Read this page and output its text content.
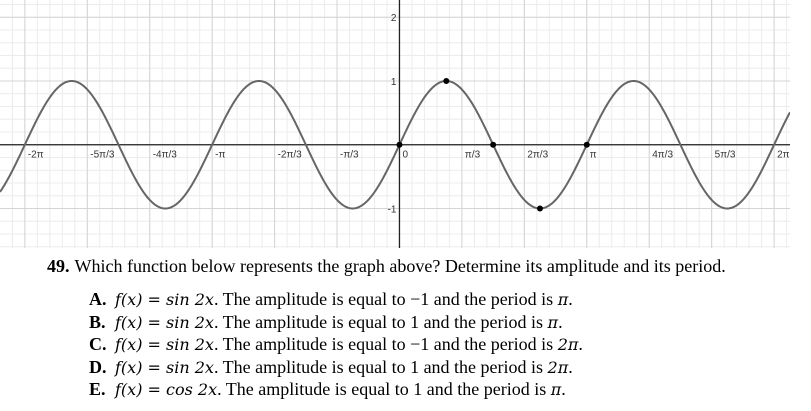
-2π	-5π/3	-4π/3	-π	-2π/3	-π/3	0	π/3	2π/3	π	4π/3	5π/3	2π
2
1
-1
49. Which function below represents the graph above? Determine its amplitude and its period.
A. f(x) = sin 2x. The amplitude is equal to −1 and the period is π.
B. f(x) = sin 2x. The amplitude is equal to 1 and the period is π.
C. f(x) = sin 2x. The amplitude is equal to −1 and the period is 2π.
D. f(x) = sin 2x. The amplitude is equal to 1 and the period is 2π.
E. f(x) = cos 2x. The amplitude is equal to 1 and the period is π.
